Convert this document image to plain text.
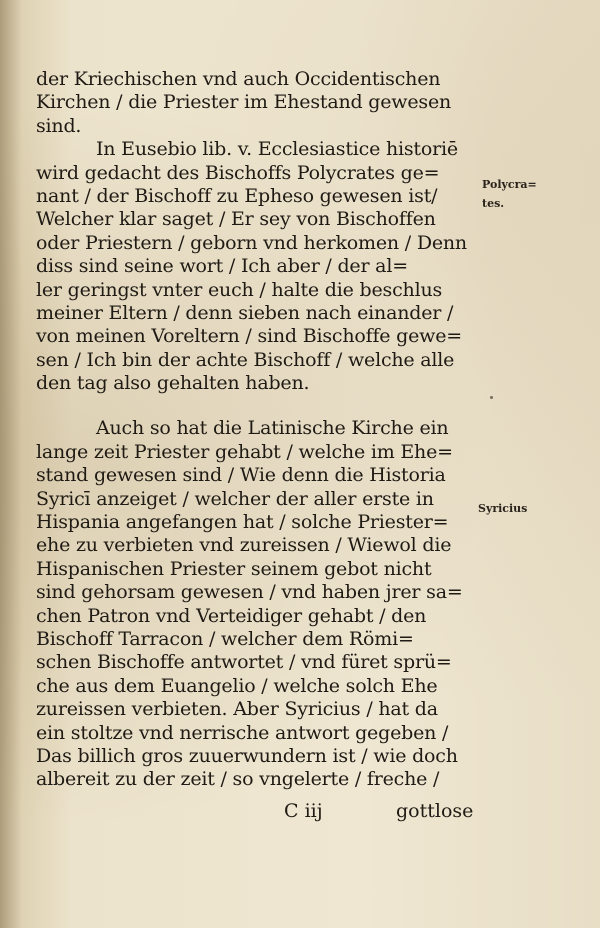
der Kriechischen vnd auch Occidentischen
Kirchen / die Priester im Ehestand gewesen
sind.
In Eusebio lib. v. Ecclesiastice historiē
wird gedacht des Bischoffs Polycrates ge=
nant / der Bischoff zu Epheso gewesen ist/
Welcher klar saget / Er sey von Bischoffen
oder Priestern / geborn vnd herkomen / Denn
diss sind seine wort / Ich aber / der al=
ler geringst vnter euch / halte die beschlus
meiner Eltern / denn sieben nach einander /
von meinen Voreltern / sind Bischoffe gewe=
sen / Ich bin der achte Bischoff / welche alle
den tag also gehalten haben.
Auch so hat die Latinische Kirche ein
lange zeit Priester gehabt / welche im Ehe=
stand gewesen sind / Wie denn die Historia
Syricī anzeiget / welcher der aller erste in
Hispania angefangen hat / solche Priester=
ehe zu verbieten vnd zureissen / Wiewol die
Hispanischen Priester seinem gebot nicht
sind gehorsam gewesen / vnd haben jrer sa=
chen Patron vnd Verteidiger gehabt / den
Bischoff Tarracon / welcher dem Römi=
schen Bischoffe antwortet / vnd füret sprü=
che aus dem Euangelio / welche solch Ehe
zureissen verbieten. Aber Syricius / hat da
ein stoltze vnd nerrische antwort gegeben /
Das billich gros zuuerwundern ist / wie doch
albereit zu der zeit / so vngelerte / freche /
Polycra=
tes.
Syricius
C iij	gottlose
